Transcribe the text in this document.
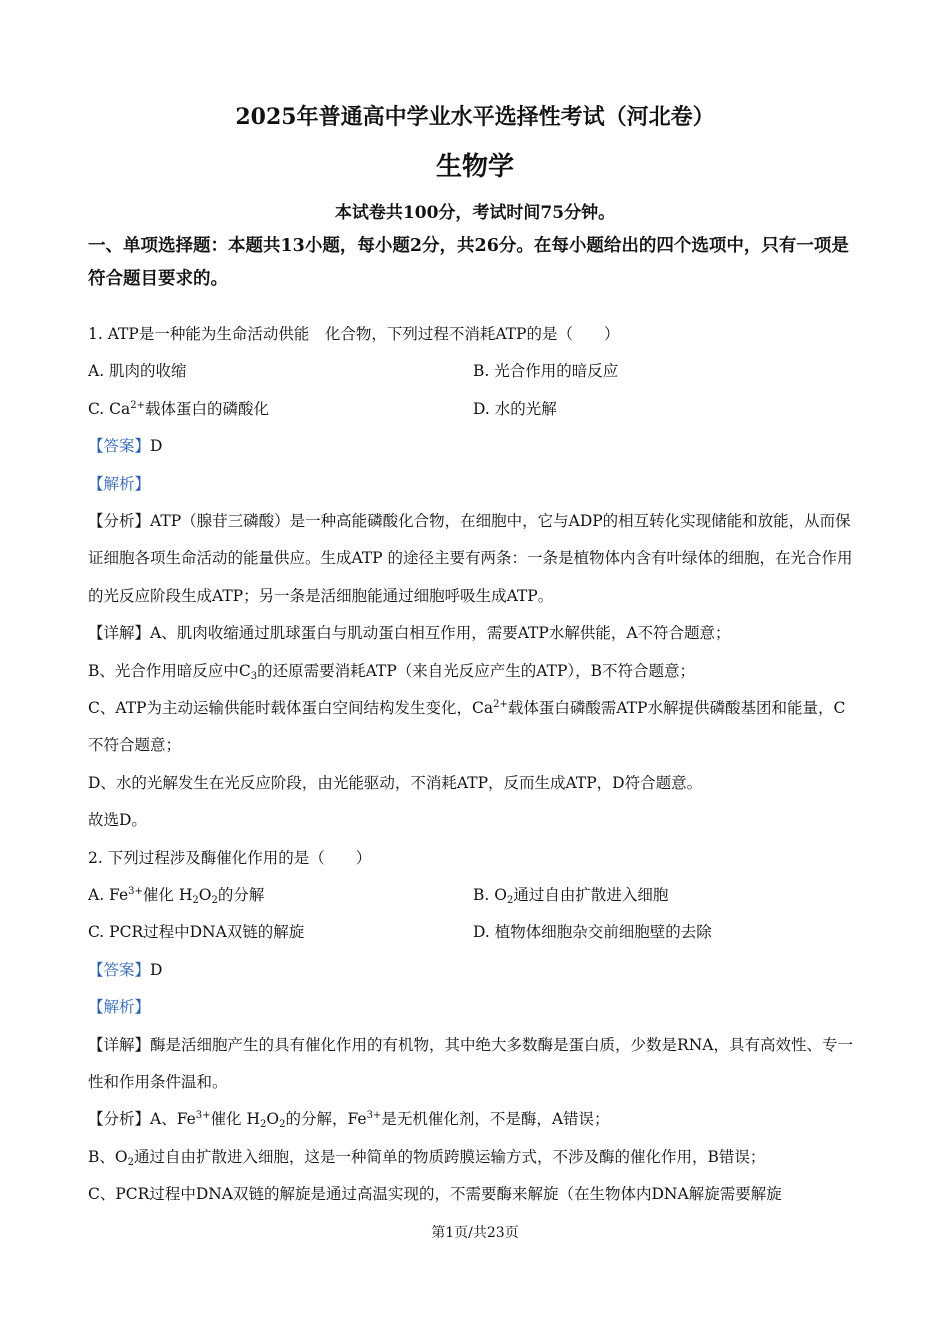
2025年普通高中学业水平选择性考试（河北卷）
生物学
本试卷共100分，考试时间75分钟。
一、单项选择题：本题共13小题，每小题2分，共26分。在每小题给出的四个选项中，只有一项是符合题目要求的。
1. ATP是一种能为生命活动供能　化合物，下列过程不消耗ATP的是（　　）
A. 肌肉的收缩	B. 光合作用的暗反应
C. $Ca^{2+}$载体蛋白的磷酸化	D. 水的光解
【答案】D
【解析】
【分析】ATP（腺苷三磷酸）是一种高能磷酸化合物，在细胞中，它与ADP的相互转化实现储能和放能，从而保证细胞各项生命活动的能量供应。生成ATP 的途径主要有两条：一条是植物体内含有叶绿体的细胞，在光合作用的光反应阶段生成ATP；另一条是活细胞能通过细胞呼吸生成ATP。
【详解】A、肌肉收缩通过肌球蛋白与肌动蛋白相互作用，需要ATP水解供能，A不符合题意；
B、光合作用暗反应中$C_3$的还原需要消耗ATP（来自光反应产生的ATP），B不符合题意；
C、ATP为主动运输供能时载体蛋白空间结构发生变化，$Ca^{2+}$载体蛋白磷酸需ATP水解提供磷酸基团和能量，C不符合题意；
D、水的光解发生在光反应阶段，由光能驱动，不消耗ATP，反而生成ATP，D符合题意。
故选D。
2. 下列过程涉及酶催化作用的是（　　）
A. $Fe^{3+}$催化 $H_2O_2$的分解	B. $O_2$通过自由扩散进入细胞
C. PCR过程中DNA双链的解旋	D. 植物体细胞杂交前细胞壁的去除
【答案】D
【解析】
【详解】酶是活细胞产生的具有催化作用的有机物，其中绝大多数酶是蛋白质，少数是RNA，具有高效性、专一性和作用条件温和。
【分析】A、$Fe^{3+}$催化 $H_2O_2$的分解，$Fe^{3+}$是无机催化剂，不是酶，A错误；
B、$O_2$通过自由扩散进入细胞，这是一种简单的物质跨膜运输方式，不涉及酶的催化作用，B错误；
C、PCR过程中DNA双链的解旋是通过高温实现的，不需要酶来解旋（在生物体内DNA解旋需要解旋
第1页/共23页
